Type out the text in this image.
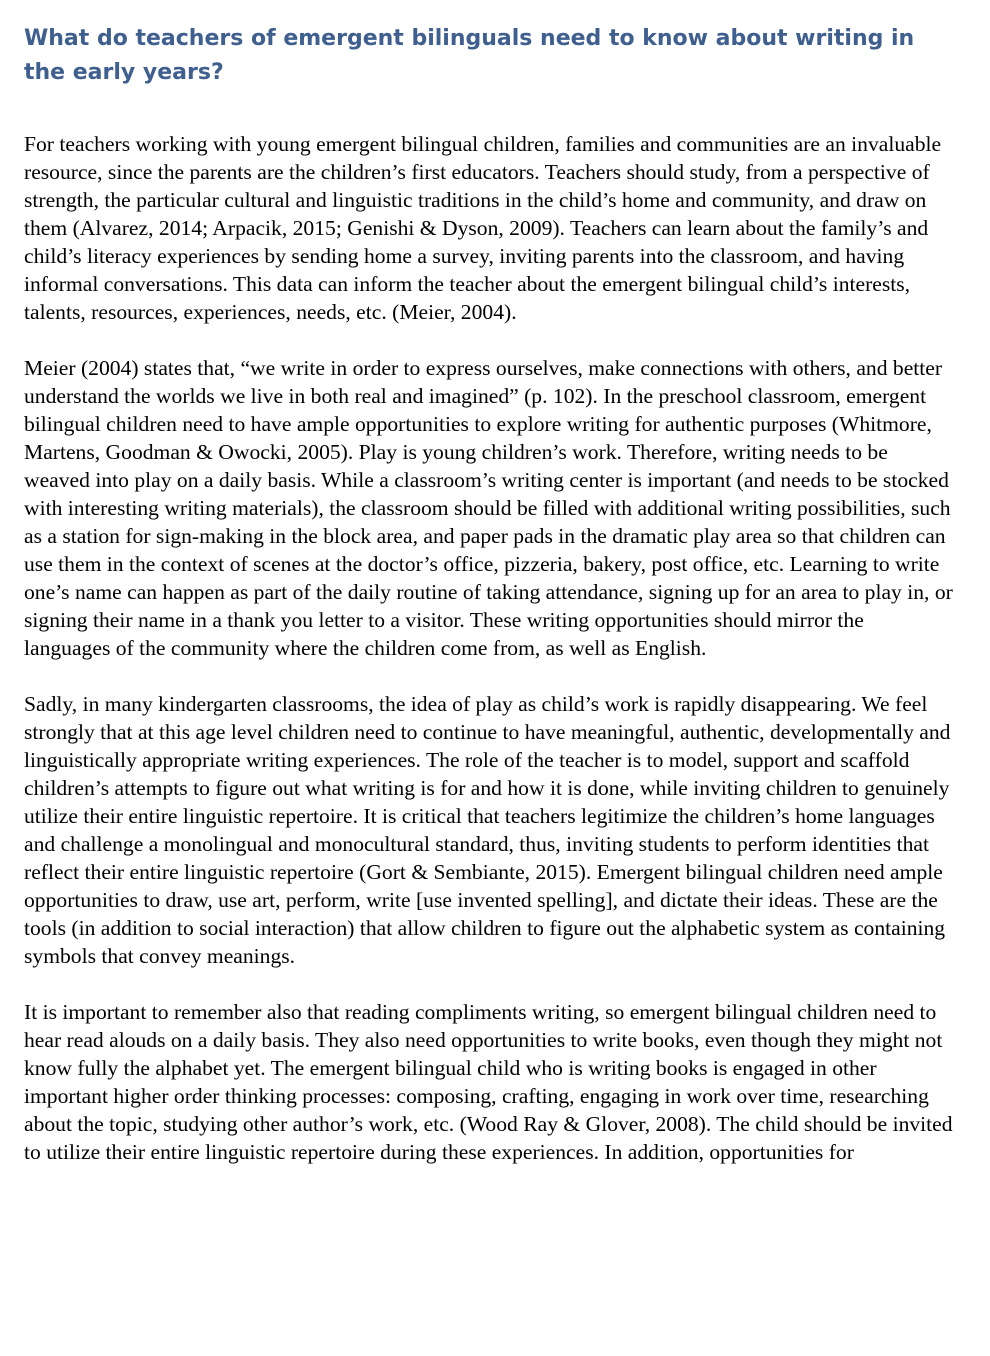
What do teachers of emergent bilinguals need to know about writing in the early years?

For teachers working with young emergent bilingual children, families and communities are an invaluable resource, since the parents are the children’s first educators. Teachers should study, from a perspective of strength, the particular cultural and linguistic traditions in the child’s home and community, and draw on them (Alvarez, 2014; Arpacik, 2015; Genishi & Dyson, 2009). Teachers can learn about the family’s and child’s literacy experiences by sending home a survey, inviting parents into the classroom, and having informal conversations. This data can inform the teacher about the emergent bilingual child’s interests, talents, resources, experiences, needs, etc. (Meier, 2004).

Meier (2004) states that, “we write in order to express ourselves, make connections with others, and better understand the worlds we live in both real and imagined” (p. 102). In the preschool classroom, emergent bilingual children need to have ample opportunities to explore writing for authentic purposes (Whitmore, Martens, Goodman & Owocki, 2005). Play is young children’s work. Therefore, writing needs to be weaved into play on a daily basis. While a classroom’s writing center is important (and needs to be stocked with interesting writing materials), the classroom should be filled with additional writing possibilities, such as a station for sign-making in the block area, and paper pads in the dramatic play area so that children can use them in the context of scenes at the doctor’s office, pizzeria, bakery, post office, etc. Learning to write one’s name can happen as part of the daily routine of taking attendance, signing up for an area to play in, or signing their name in a thank you letter to a visitor. These writing opportunities should mirror the languages of the community where the children come from, as well as English.

Sadly, in many kindergarten classrooms, the idea of play as child’s work is rapidly disappearing. We feel strongly that at this age level children need to continue to have meaningful, authentic, developmentally and linguistically appropriate writing experiences. The role of the teacher is to model, support and scaffold children’s attempts to figure out what writing is for and how it is done, while inviting children to genuinely utilize their entire linguistic repertoire. It is critical that teachers legitimize the children’s home languages and challenge a monolingual and monocultural standard, thus, inviting students to perform identities that reflect their entire linguistic repertoire (Gort & Sembiante, 2015). Emergent bilingual children need ample opportunities to draw, use art, perform, write [use invented spelling], and dictate their ideas. These are the tools (in addition to social interaction) that allow children to figure out the alphabetic system as containing symbols that convey meanings.

It is important to remember also that reading compliments writing, so emergent bilingual children need to hear read alouds on a daily basis. They also need opportunities to write books, even though they might not know fully the alphabet yet. The emergent bilingual child who is writing books is engaged in other important higher order thinking processes: composing, crafting, engaging in work over time, researching about the topic, studying other author’s work, etc. (Wood Ray & Glover, 2008). The child should be invited to utilize their entire linguistic repertoire during these experiences. In addition, opportunities for
